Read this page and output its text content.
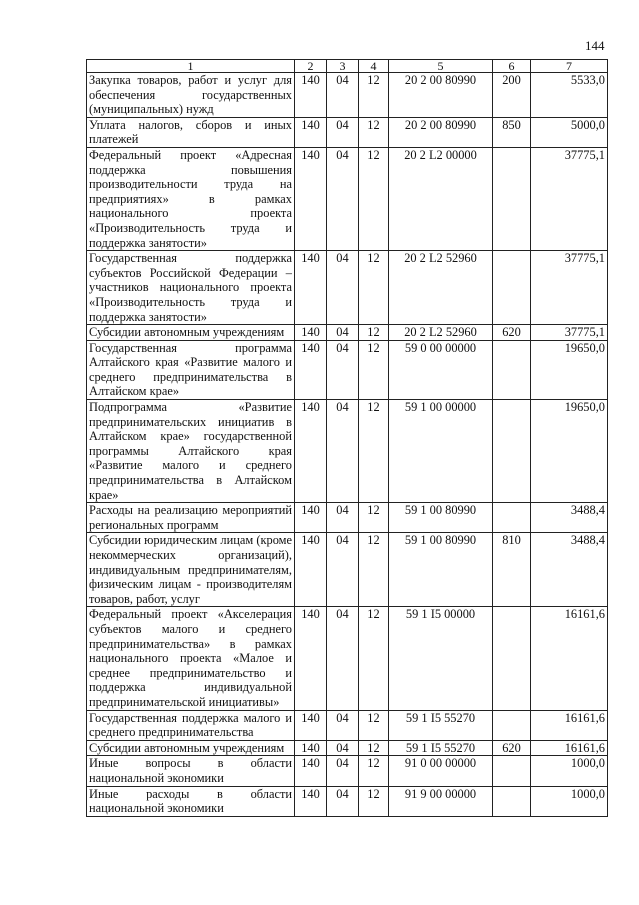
144
1	2	3	4	5	6	7
Закупка товаров, работ и услуг для обеспечения государственных (муниципальных) нужд	140	04	12	20 2 00 80990	200	5533,0
Уплата налогов, сборов и иных платежей	140	04	12	20 2 00 80990	850	5000,0
Федеральный проект «Адресная поддержка повышения производительности труда на предприятиях» в рамках национального проекта «Производительность труда и поддержка занятости»	140	04	12	20 2 L2 00000		37775,1
Государственная поддержка субъектов Российской Федерации – участников национального проекта «Производительность труда и поддержка занятости»	140	04	12	20 2 L2 52960		37775,1
Субсидии автономным учреждениям	140	04	12	20 2 L2 52960	620	37775,1
Государственная программа Алтайского края «Развитие малого и среднего предпринимательства в Алтайском крае»	140	04	12	59 0 00 00000		19650,0
Подпрограмма «Развитие предпринимательских инициатив в Алтайском крае» государственной программы Алтайского края «Развитие малого и среднего предпринимательства в Алтайском крае»	140	04	12	59 1 00 00000		19650,0
Расходы на реализацию мероприятий региональных программ	140	04	12	59 1 00 80990		3488,4
Субсидии юридическим лицам (кроме некоммерческих организаций), индивидуальным предпринимателям, физическим лицам - производителям товаров, работ, услуг	140	04	12	59 1 00 80990	810	3488,4
Федеральный проект «Акселерация субъектов малого и среднего предпринимательства» в рамках национального проекта «Малое и среднее предпринимательство и поддержка индивидуальной предпринимательской инициативы»	140	04	12	59 1 I5 00000		16161,6
Государственная поддержка малого и среднего предпринимательства	140	04	12	59 1 I5 55270		16161,6
Субсидии автономным учреждениям	140	04	12	59 1 I5 55270	620	16161,6
Иные вопросы в области национальной экономики	140	04	12	91 0 00 00000		1000,0
Иные расходы в области национальной экономики	140	04	12	91 9 00 00000		1000,0
